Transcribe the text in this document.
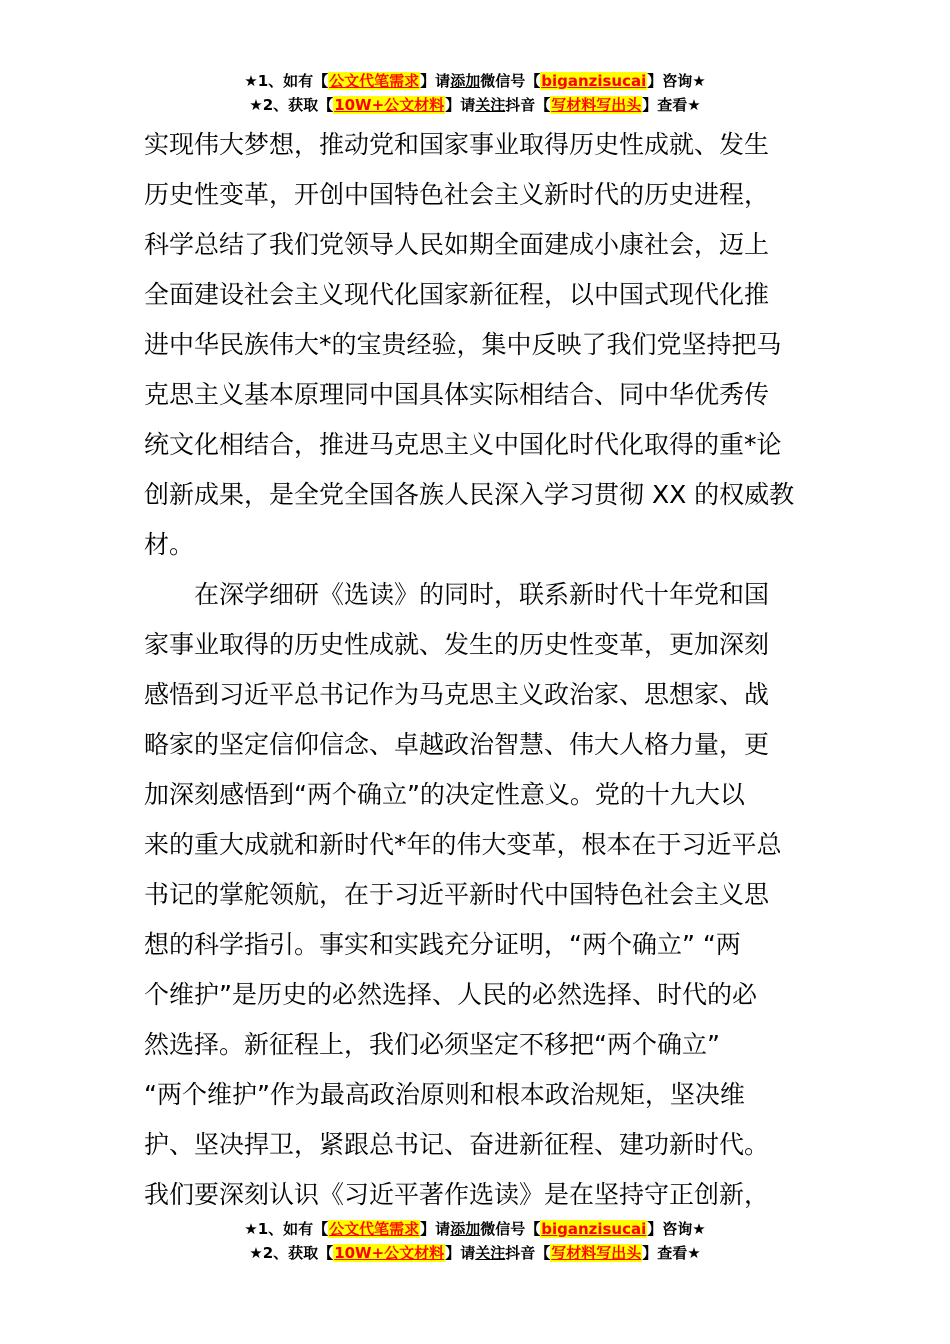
★1、如有【公文代笔需求】请添加微信号【biganzisucai】咨询★
★2、获取【10W+公文材料】请关注抖音【写材料写出头】查看★
实现伟大梦想，推动党和国家事业取得历史性成就、发生
历史性变革，开创中国特色社会主义新时代的历史进程，
科学总结了我们党领导人民如期全面建成小康社会，迈上
全面建设社会主义现代化国家新征程，以中国式现代化推
进中华民族伟大*的宝贵经验，集中反映了我们党坚持把马
克思主义基本原理同中国具体实际相结合、同中华优秀传
统文化相结合，推进马克思主义中国化时代化取得的重*论
创新成果，是全党全国各族人民深入学习贯彻 XX 的权威教
材。
在深学细研《选读》的同时，联系新时代十年党和国
家事业取得的历史性成就、发生的历史性变革，更加深刻
感悟到习近平总书记作为马克思主义政治家、思想家、战
略家的坚定信仰信念、卓越政治智慧、伟大人格力量，更
加深刻感悟到“两个确立”的决定性意义。党的十九大以
来的重大成就和新时代*年的伟大变革，根本在于习近平总
书记的掌舵领航，在于习近平新时代中国特色社会主义思
想的科学指引。事实和实践充分证明，“两个确立” “两
个维护”是历史的必然选择、人民的必然选择、时代的必
然选择。新征程上，我们必须坚定不移把“两个确立”
“两个维护”作为最高政治原则和根本政治规矩，坚决维
护、坚决捍卫，紧跟总书记、奋进新征程、建功新时代。
我们要深刻认识《习近平著作选读》是在坚持守正创新，
★1、如有【公文代笔需求】请添加微信号【biganzisucai】咨询★
★2、获取【10W+公文材料】请关注抖音【写材料写出头】查看★
